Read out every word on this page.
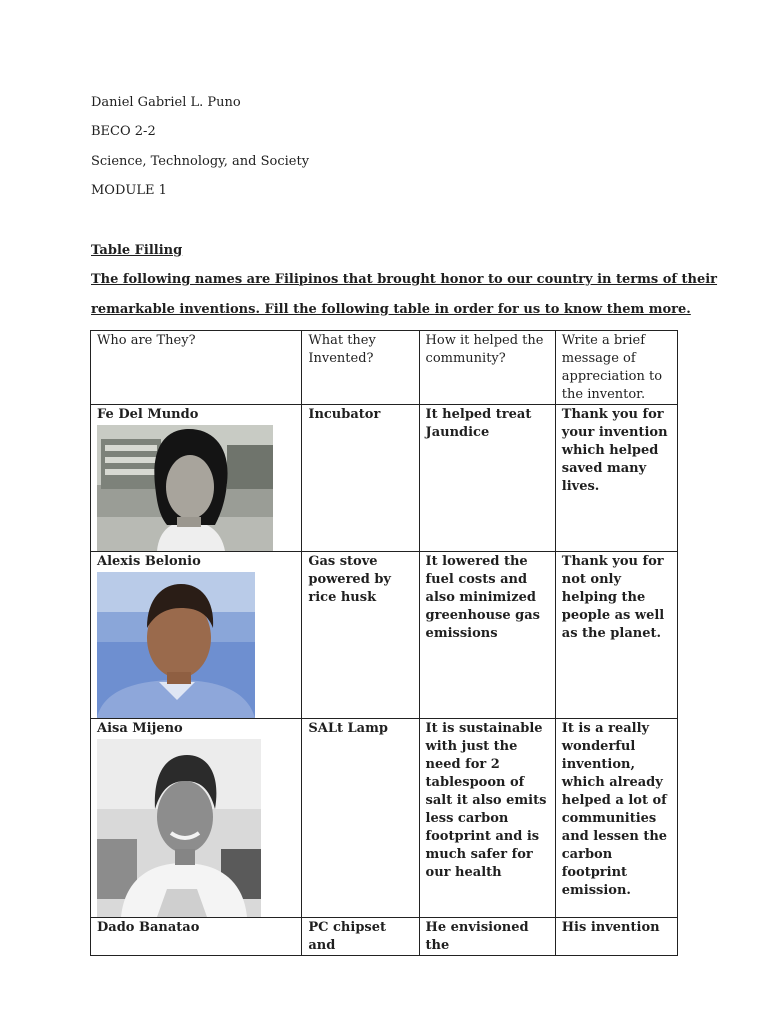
Daniel Gabriel L. Puno
BECO 2-2
Science, Technology, and Society
MODULE 1
Table Filling
The following names are Filipinos that brought honor to our country in terms of their
remarkable inventions. Fill the following table in order for us to know them more.
Who are They?	What they Invented?	How it helped the community?	Write a brief message of appreciation to the inventor.

Fe Del Mundo	Incubator	It helped treat Jaundice	Thank you for your invention which helped saved many lives.

Alexis Belonio	Gas stove powered by rice husk	It lowered the fuel costs and also minimized greenhouse gas emissions	Thank you for not only helping the people as well as the planet.

Aisa Mijeno	SALt Lamp	It is sustainable with just the need for 2 tablespoon of salt it also emits less carbon footprint and is much safer for our health	It is a really wonderful invention, which already helped a lot of communities and lessen the carbon footprint emission.

Dado Banatao	PC chipset and	He envisioned the	His invention
